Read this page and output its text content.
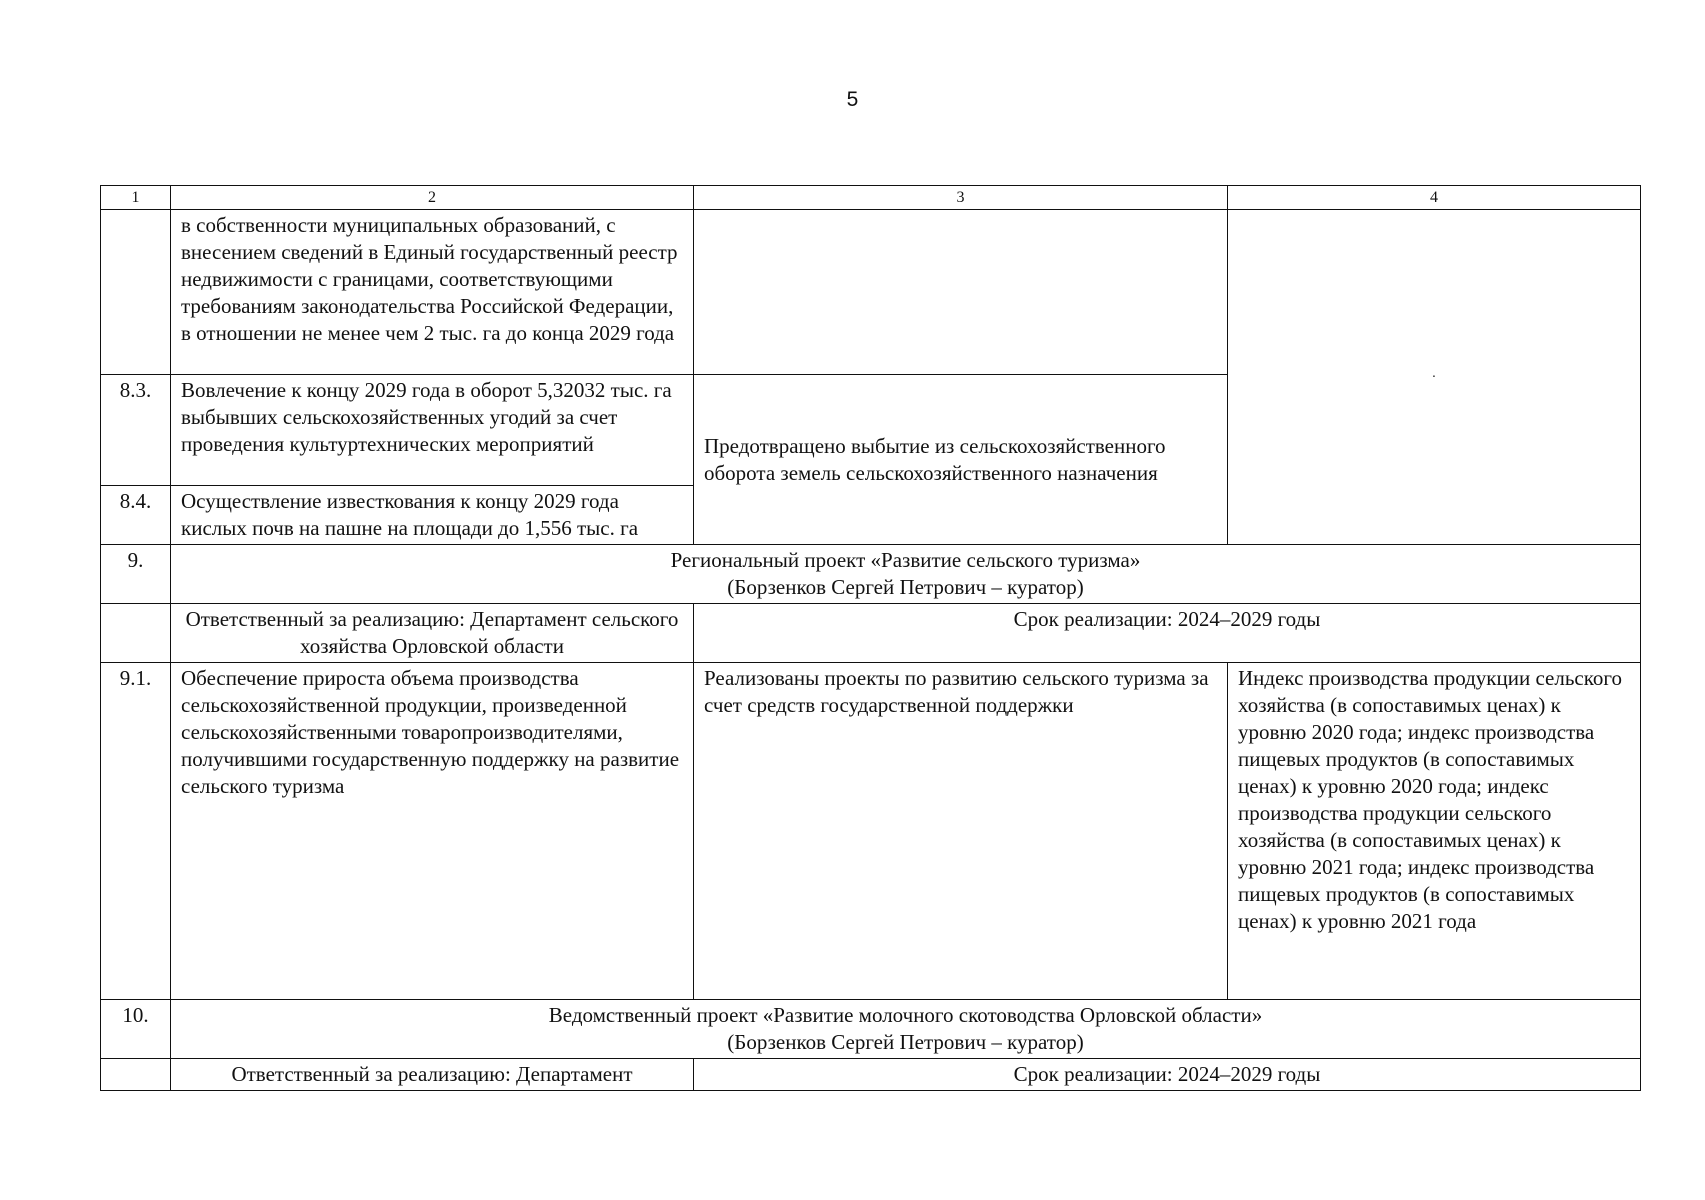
5
1	2	3	4
	в собственности муниципальных образований, с внесением сведений в Единый государственный реестр недвижимости с границами, соответствующими требованиям законодательства Российской Федерации, в отношении не менее чем 2 тыс. га до конца 2029 года		·
8.3.	Вовлечение к концу 2029 года в оборот 5,32032 тыс. га выбывших сельскохозяйственных угодий за счет проведения культуртехнических мероприятий	Предотвращено выбытие из сельскохозяйственного оборота земель сельскохозяйственного назначения	
8.4.	Осуществление известкования к концу 2029 года кислых почв на пашне на площади до 1,556 тыс. га		
9.	Региональный проект «Развитие сельского туризма»
(Борзенков Сергей Петрович – куратор)		

	Ответственный за реализацию: Департамент сельского хозяйства Орловской области	Срок реализации: 2024–2029 годы	
9.1.	Обеспечение прироста объема производства сельскохозяйственной продукции, произведенной сельскохозяйственными товаропроизводителями, получившими государственную поддержку на развитие сельского туризма	Реализованы проекты по развитию сельского туризма за счет средств государственной поддержки	Индекс производства продукции сельского хозяйства (в сопоставимых ценах) к уровню 2020 года; индекс производства пищевых продуктов (в сопоставимых ценах) к уровню 2020 года; индекс производства продукции сельского хозяйства (в сопоставимых ценах) к уровню 2021 года; индекс производства пищевых продуктов (в сопоставимых ценах) к уровню 2021 года
10.	Ведомственный проект «Развитие молочного скотоводства Орловской области»
(Борзенков Сергей Петрович – куратор)		

	Ответственный за реализацию: Департамент	Срок реализации: 2024–2029 годы	
